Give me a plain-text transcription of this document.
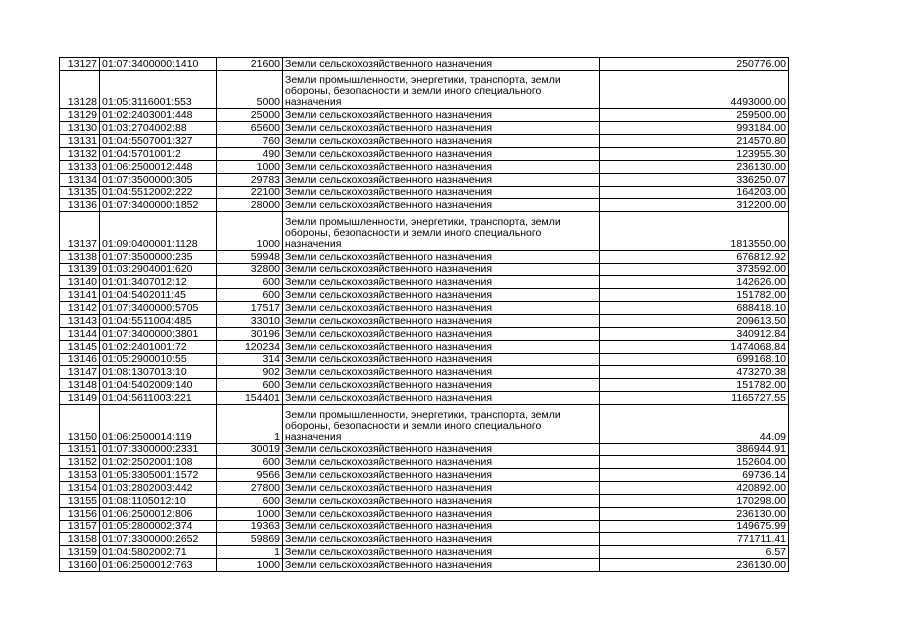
13127	01:07:3400000:1410	21600	Земли сельскохозяйственного назначения	250776.00
13128	01:05:3116001:553	5000	Земли промышленности, энергетики, транспорта, земли обороны, безопасности и земли иного специального назначения	4493000.00
13129	01:02:2403001:448	25000	Земли сельскохозяйственного назначения	259500.00
13130	01:03:2704002:88	65600	Земли сельскохозяйственного назначения	993184.00
13131	01:04:5507001:327	760	Земли сельскохозяйственного назначения	214570.80
13132	01:04:5701001:2	490	Земли сельскохозяйственного назначения	123955.30
13133	01:06:2500012:448	1000	Земли сельскохозяйственного назначения	236130.00
13134	01:07:3500000:305	29783	Земли сельскохозяйственного назначения	336250.07
13135	01:04:5512002:222	22100	Земли сельскохозяйственного назначения	164203.00
13136	01:07:3400000:1852	28000	Земли сельскохозяйственного назначения	312200.00
13137	01:09:0400001:1128	1000	Земли промышленности, энергетики, транспорта, земли обороны, безопасности и земли иного специального назначения	1813550.00
13138	01:07:3500000:235	59948	Земли сельскохозяйственного назначения	676812.92
13139	01:03:2904001:620	32800	Земли сельскохозяйственного назначения	373592.00
13140	01:01:3407012:12	600	Земли сельскохозяйственного назначения	142626.00
13141	01:04:5402011:45	600	Земли сельскохозяйственного назначения	151782.00
13142	01:07:3400000:5705	17517	Земли сельскохозяйственного назначения	688418.10
13143	01:04:5511004:485	33010	Земли сельскохозяйственного назначения	209613.50
13144	01:07:3400000:3801	30196	Земли сельскохозяйственного назначения	340912.84
13145	01:02:2401001:72	120234	Земли сельскохозяйственного назначения	1474068.84
13146	01:05:2900010:55	314	Земли сельскохозяйственного назначения	699168.10
13147	01:08:1307013:10	902	Земли сельскохозяйственного назначения	473270.38
13148	01:04:5402009:140	600	Земли сельскохозяйственного назначения	151782.00
13149	01:04:5611003:221	154401	Земли сельскохозяйственного назначения	1165727.55
13150	01:06:2500014:119	1	Земли промышленности, энергетики, транспорта, земли обороны, безопасности и земли иного специального назначения	44.09
13151	01:07:3300000:2331	30019	Земли сельскохозяйственного назначения	386944.91
13152	01:02:2502001:108	600	Земли сельскохозяйственного назначения	152604.00
13153	01:05:3305001:1572	9566	Земли сельскохозяйственного назначения	69736.14
13154	01:03:2802003:442	27800	Земли сельскохозяйственного назначения	420892.00
13155	01:08:1105012:10	600	Земли сельскохозяйственного назначения	170298.00
13156	01:06:2500012:806	1000	Земли сельскохозяйственного назначения	236130.00
13157	01:05:2800002:374	19363	Земли сельскохозяйственного назначения	149675.99
13158	01:07:3300000:2652	59869	Земли сельскохозяйственного назначения	771711.41
13159	01:04:5802002:71	1	Земли сельскохозяйственного назначения	6.57
13160	01:06:2500012:763	1000	Земли сельскохозяйственного назначения	236130.00
